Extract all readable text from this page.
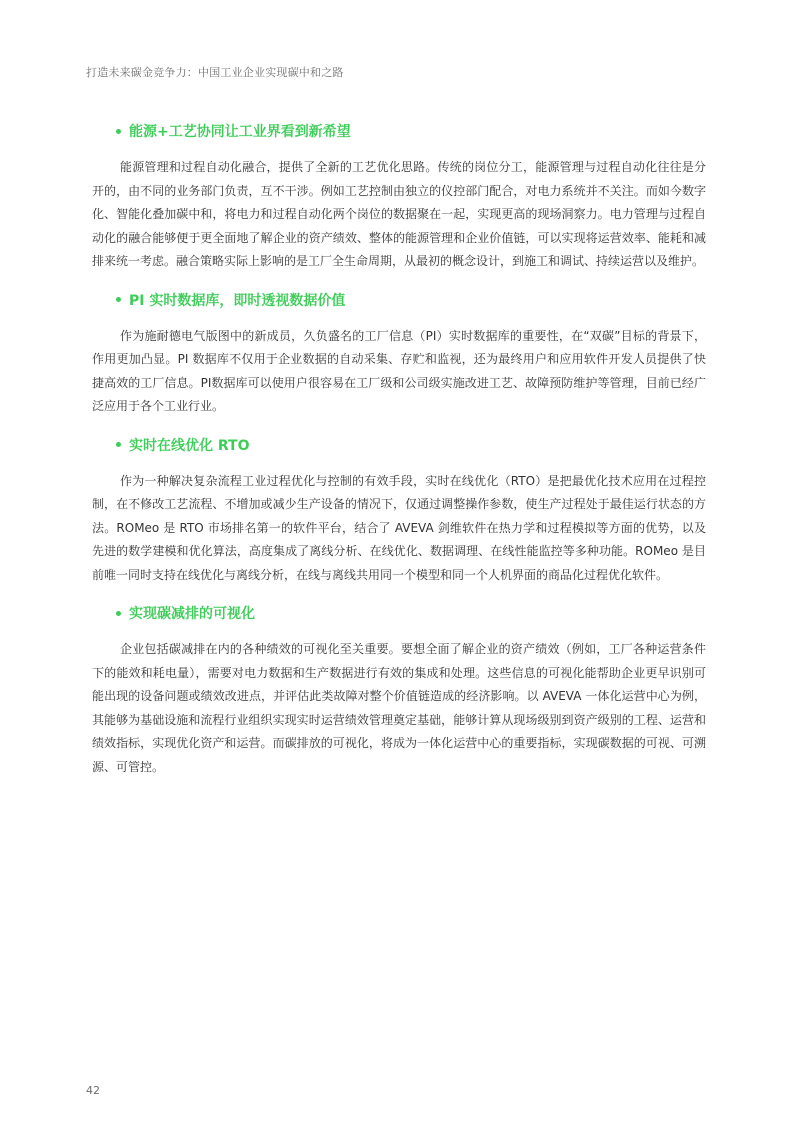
打造未来碳金竞争力：中国工业企业实现碳中和之路
能源+工艺协同让工业界看到新希望

能源管理和过程自动化融合，提供了全新的工艺优化思路。传统的岗位分工，能源管理与过程自动化往往是分开的，由不同的业务部门负责，互不干涉。例如工艺控制由独立的仪控部门配合，对电力系统并不关注。而如今数字化、智能化叠加碳中和，将电力和过程自动化两个岗位的数据聚在一起，实现更高的现场洞察力。电力管理与过程自动化的融合能够便于更全面地了解企业的资产绩效、整体的能源管理和企业价值链，可以实现将运营效率、能耗和减排来统一考虑。融合策略实际上影响的是工厂全生命周期，从最初的概念设计，到施工和调试、持续运营以及维护。

PI 实时数据库，即时透视数据价值

作为施耐德电气版图中的新成员，久负盛名的工厂信息（PI）实时数据库的重要性，在“双碳”目标的背景下，作用更加凸显。PI 数据库不仅用于企业数据的自动采集、存贮和监视，还为最终用户和应用软件开发人员提供了快捷高效的工厂信息。PI数据库可以使用户很容易在工厂级和公司级实施改进工艺、故障预防维护等管理，目前已经广泛应用于各个工业行业。

实时在线优化 RTO

作为一种解决复杂流程工业过程优化与控制的有效手段，实时在线优化（RTO）是把最优化技术应用在过程控制，在不修改工艺流程、不增加或减少生产设备的情况下，仅通过调整操作参数，使生产过程处于最佳运行状态的方法。ROMeo 是 RTO 市场排名第一的软件平台，结合了 AVEVA 剑维软件在热力学和过程模拟等方面的优势，以及先进的数学建模和优化算法，高度集成了离线分析、在线优化、数据调理、在线性能监控等多种功能。ROMeo 是目前唯一同时支持在线优化与离线分析，在线与离线共用同一个模型和同一个人机界面的商品化过程优化软件。

实现碳减排的可视化

企业包括碳减排在内的各种绩效的可视化至关重要。要想全面了解企业的资产绩效（例如，工厂各种运营条件下的能效和耗电量），需要对电力数据和生产数据进行有效的集成和处理。这些信息的可视化能帮助企业更早识别可能出现的设备问题或绩效改进点，并评估此类故障对整个价值链造成的经济影响。以 AVEVA 一体化运营中心为例，其能够为基础设施和流程行业组织实现实时运营绩效管理奠定基础，能够计算从现场级别到资产级别的工程、运营和绩效指标，实现优化资产和运营。而碳排放的可视化，将成为一体化运营中心的重要指标，实现碳数据的可视、可溯源、可管控。

42
